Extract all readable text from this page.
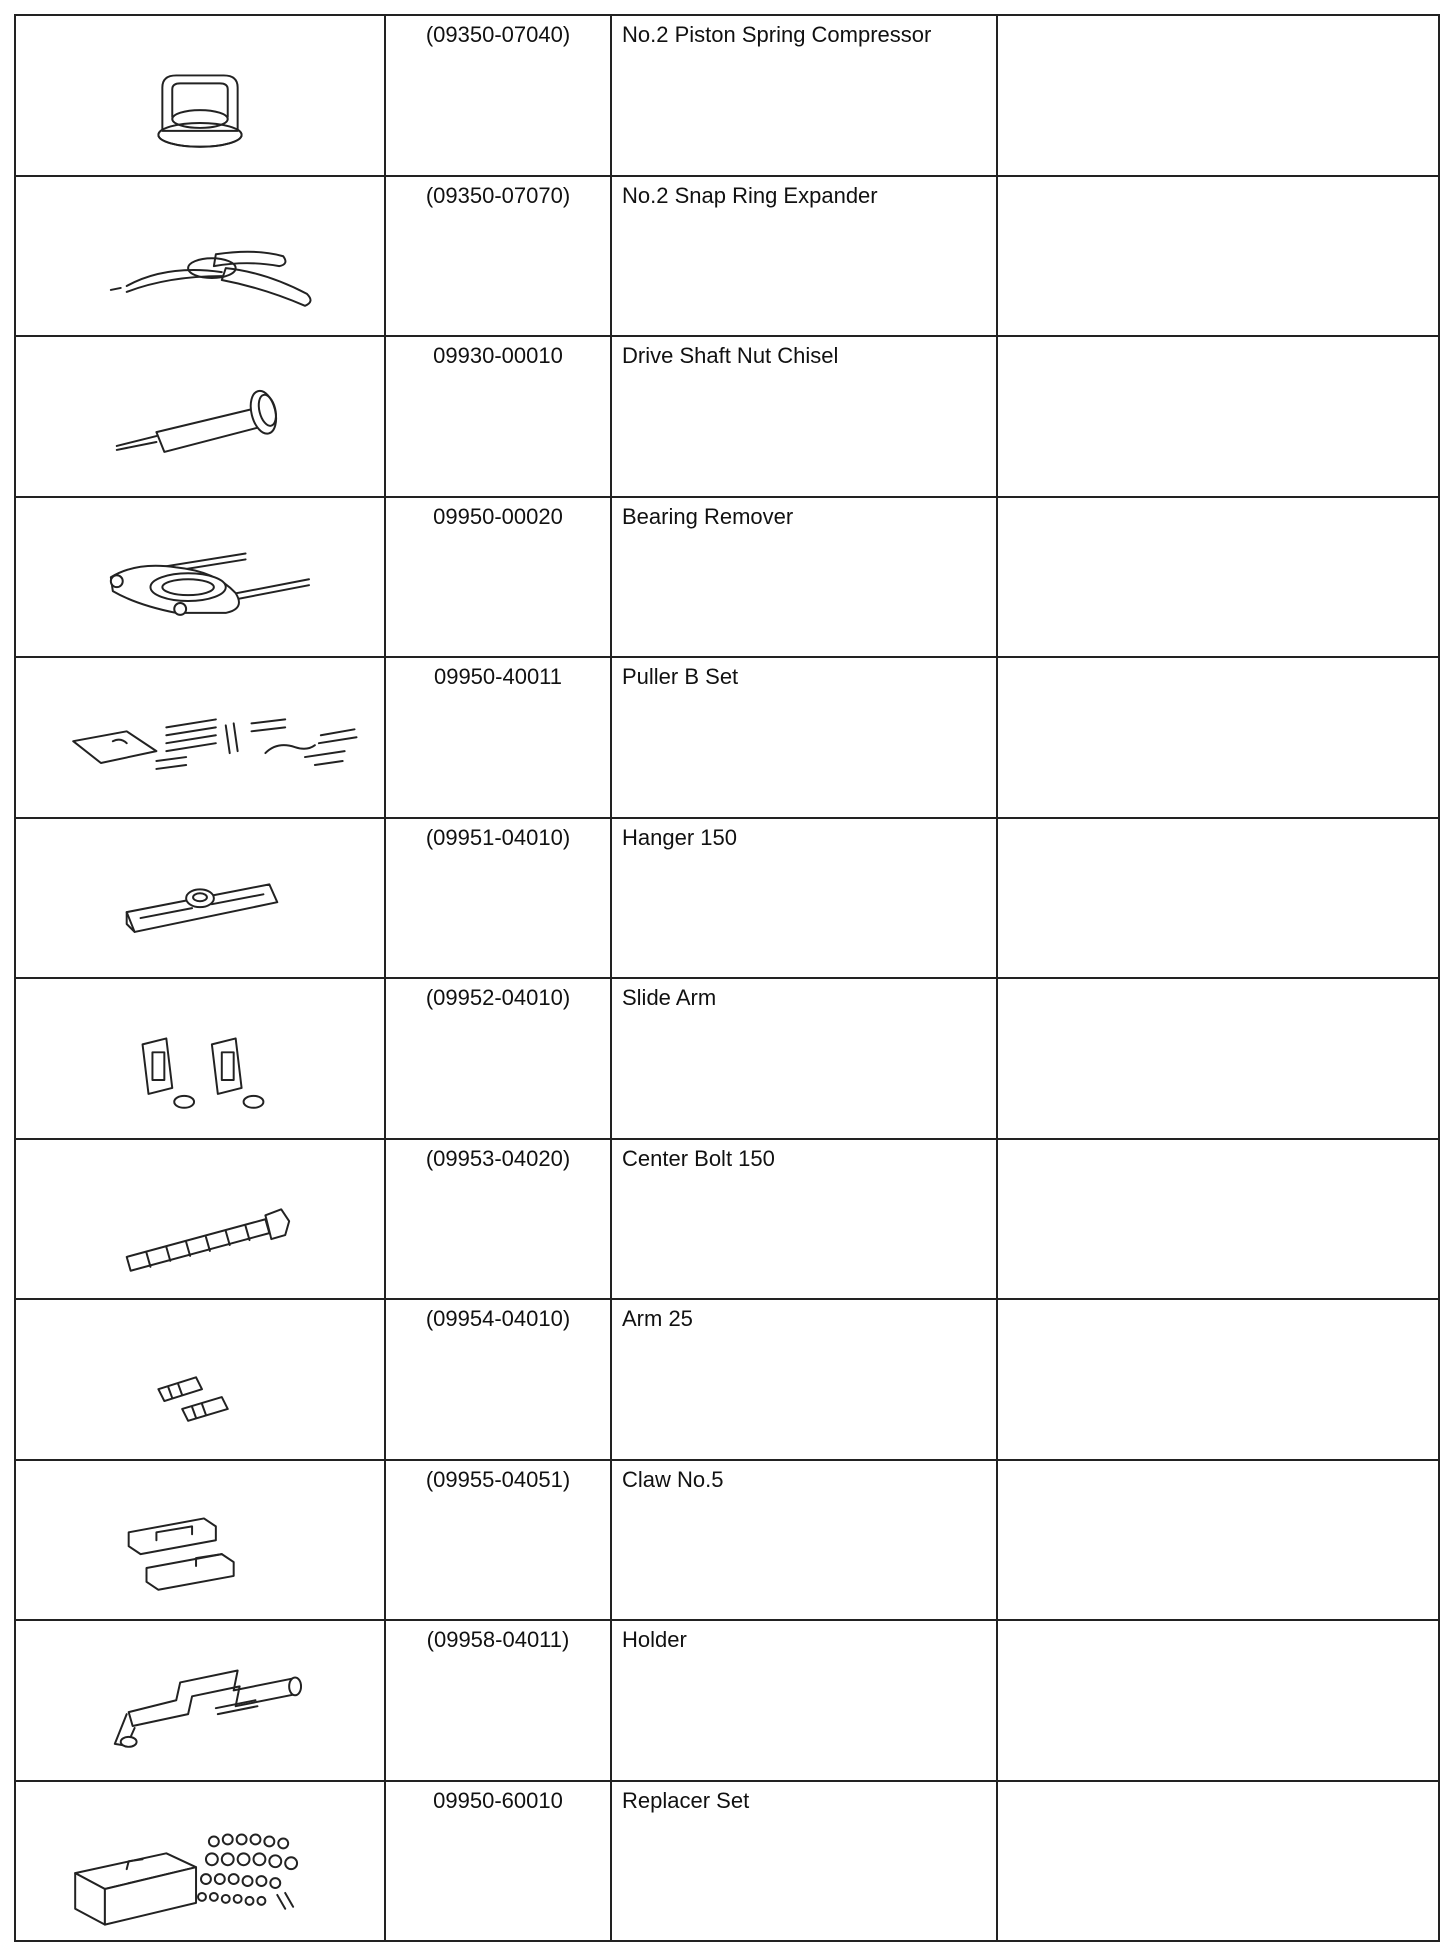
(09350-07040)	No.2 Piston Spring Compressor	

(09350-07070)	No.2 Snap Ring Expander	

09930-00010	Drive Shaft Nut Chisel	

09950-00020	Bearing Remover	

09950-40011	Puller B Set	

(09951-04010)	Hanger 150	

(09952-04010)	Slide Arm	

(09953-04020)	Center Bolt 150	

(09954-04010)	Arm 25	

(09955-04051)	Claw No.5	

(09958-04011)	Holder	

09950-60010	Replacer Set	
